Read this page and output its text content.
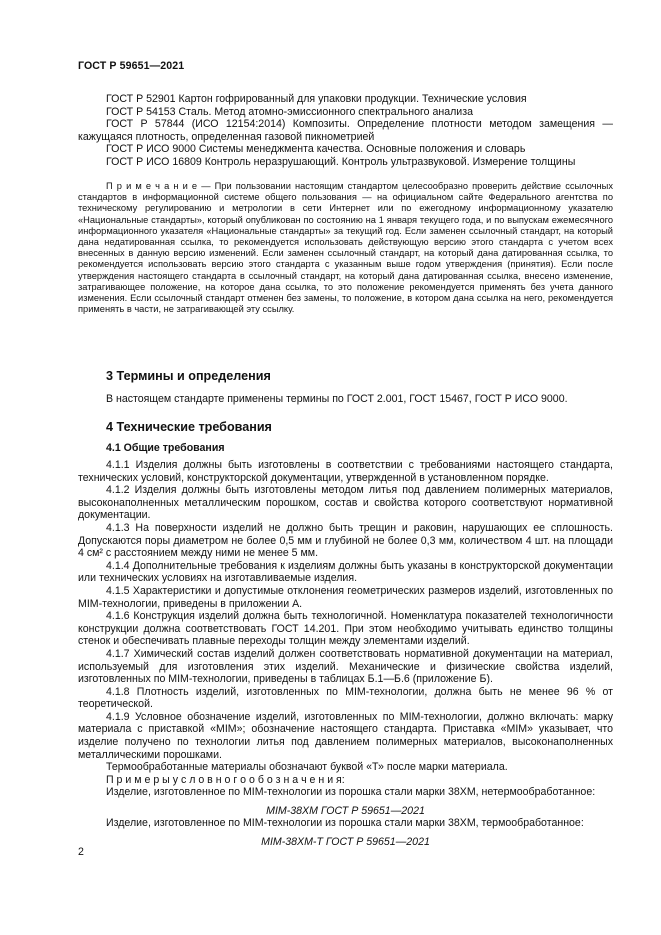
ГОСТ Р 59651—2021

ГОСТ Р 52901 Картон гофрированный для упаковки продукции. Технические условия

ГОСТ Р 54153 Сталь. Метод атомно-эмиссионного спектрального анализа

ГОСТ Р 57844 (ИСО 12154:2014) Композиты. Определение плотности методом замещения — кажущаяся плотность, определенная газовой пикнометрией

ГОСТ Р ИСО 9000 Системы менеджмента качества. Основные положения и словарь

ГОСТ Р ИСО 16809 Контроль неразрушающий. Контроль ультразвуковой. Измерение толщины

П р и м е ч а н и е — При пользовании настоящим стандартом целесообразно проверить действие ссылочных стандартов в информационной системе общего пользования — на официальном сайте Федерального агентства по техническому регулированию и метрологии в сети Интернет или по ежегодному информационному указателю «Национальные стандарты», который опубликован по состоянию на 1 января текущего года, и по выпускам ежемесячного информационного указателя «Национальные стандарты» за текущий год. Если заменен ссылочный стандарт, на который дана недатированная ссылка, то рекомендуется использовать действующую версию этого стандарта с учетом всех внесенных в данную версию изменений. Если заменен ссылочный стандарт, на который дана датированная ссылка, то рекомендуется использовать версию этого стандарта с указанным выше годом утверждения (принятия). Если после утверждения настоящего стандарта в ссылочный стандарт, на который дана датированная ссылка, внесено изменение, затрагивающее положение, на которое дана ссылка, то это положение рекомендуется применять без учета данного изменения. Если ссылочный стандарт отменен без замены, то положение, в котором дана ссылка на него, рекомендуется применять в части, не затрагивающей эту ссылку.

3 Термины и определения

В настоящем стандарте применены термины по ГОСТ 2.001, ГОСТ 15467, ГОСТ Р ИСО 9000.

4 Технические требования

4.1 Общие требования

4.1.1 Изделия должны быть изготовлены в соответствии с требованиями настоящего стандарта, технических условий, конструкторской документации, утвержденной в установленном порядке.

4.1.2 Изделия должны быть изготовлены методом литья под давлением полимерных материалов, высоконаполненных металлическим порошком, состав и свойства которого соответствуют нормативной документации.

4.1.3 На поверхности изделий не должно быть трещин и раковин, нарушающих ее сплошность. Допускаются поры диаметром не более 0,5 мм и глубиной не более 0,3 мм, количеством 4 шт. на площади 4 см² с расстоянием между ними не менее 5 мм.

4.1.4 Дополнительные требования к изделиям должны быть указаны в конструкторской документации или технических условиях на изготавливаемые изделия.

4.1.5 Характеристики и допустимые отклонения геометрических размеров изделий, изготовленных по MIM-технологии, приведены в приложении А.

4.1.6 Конструкция изделий должна быть технологичной. Номенклатура показателей технологичности конструкции должна соответствовать ГОСТ 14.201. При этом необходимо учитывать единство толщины стенок и обеспечивать плавные переходы толщин между элементами изделий.

4.1.7 Химический состав изделий должен соответствовать нормативной документации на материал, используемый для изготовления этих изделий. Механические и физические свойства изделий, изготовленных по MIM-технологии, приведены в таблицах Б.1—Б.6 (приложение Б).

4.1.8 Плотность изделий, изготовленных по MIM-технологии, должна быть не менее 96 % от теоретической.

4.1.9 Условное обозначение изделий, изготовленных по MIM-технологии, должно включать: марку материала с приставкой «MIM»; обозначение настоящего стандарта. Приставка «MIM» указывает, что изделие получено по технологии литья под давлением полимерных материалов, высоконаполненных металлическими порошками.

Термообработанные материалы обозначают буквой «Т» после марки материала.

П р и м е р ы у с л о в н о г о о б о з н а ч е н и я:

Изделие, изготовленное по MIM-технологии из порошка стали марки 38ХМ, нетермообработанное:

MIM-38ХМ ГОСТ Р 59651—2021

Изделие, изготовленное по MIM-технологии из порошка стали марки 38ХМ, термообработанное:

MIM-38ХМ-Т ГОСТ Р 59651—2021

2
